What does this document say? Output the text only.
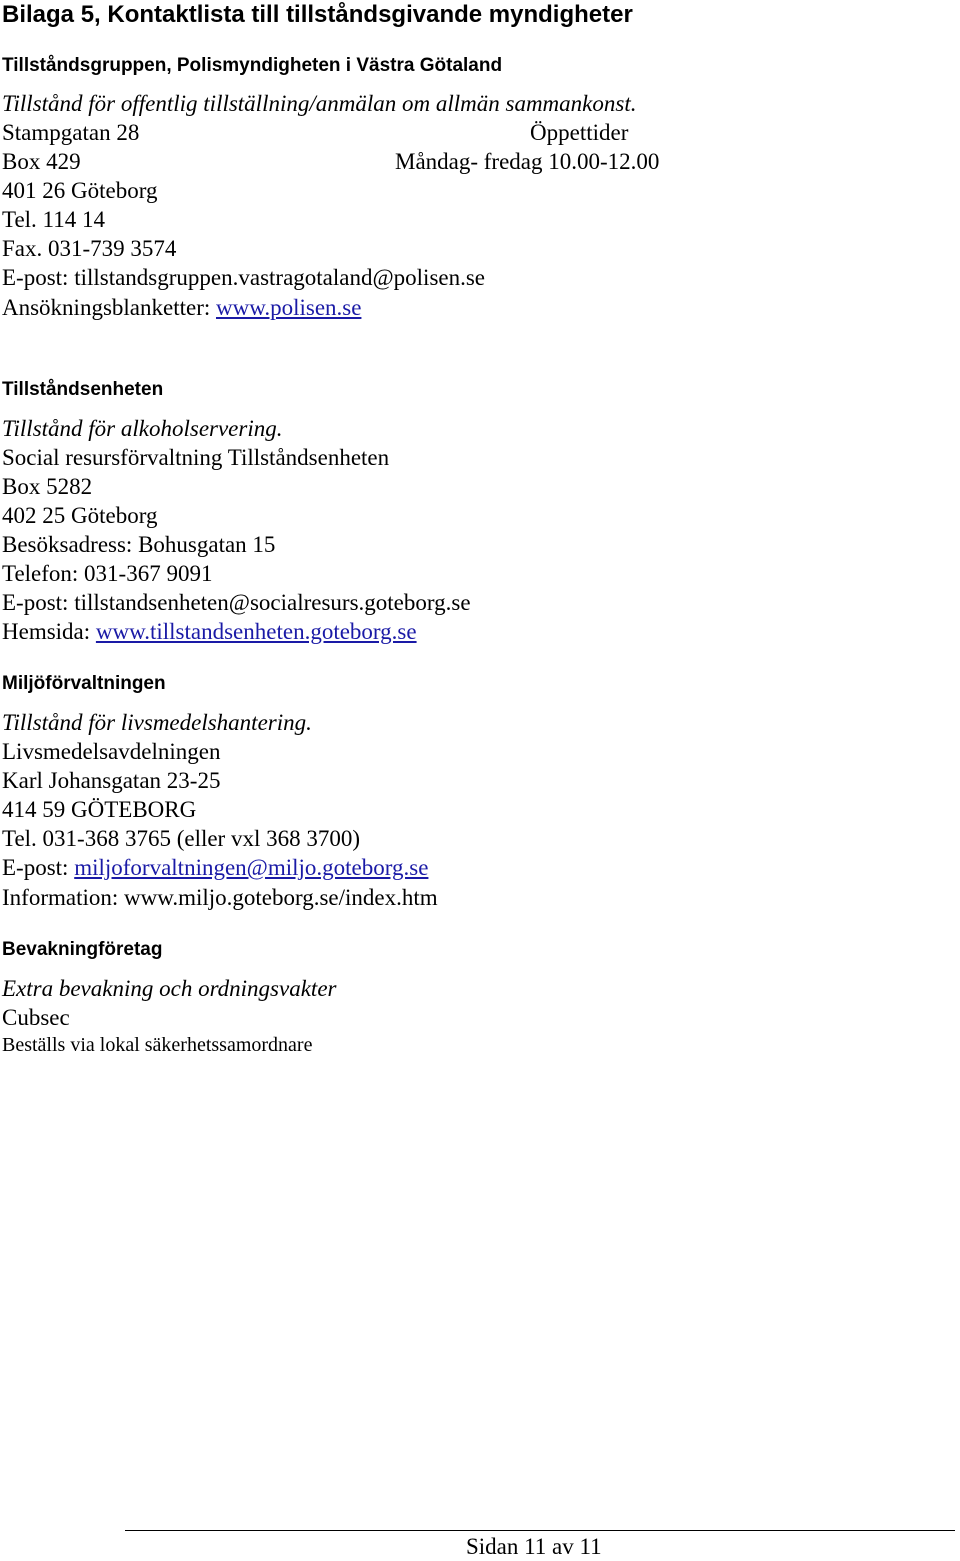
Bilaga 5, Kontaktlista till tillståndsgivande myndigheter
Tillståndsgruppen, Polismyndigheten i Västra Götaland
Tillstånd för offentlig tillställning/anmälan om allmän sammankonst.
Stampgatan 28	Öppettider
Box 429	Måndag- fredag 10.00-12.00
401 26 Göteborg
Tel. 114 14
Fax. 031-739 3574
E-post: tillstandsgruppen.vastragotaland@polisen.se
Ansökningsblanketter: www.polisen.se
Tillståndsenheten
Tillstånd för alkoholservering.
Social resursförvaltning Tillståndsenheten
Box 5282
402 25 Göteborg
Besöksadress: Bohusgatan 15
Telefon: 031-367 9091
E-post: tillstandsenheten@socialresurs.goteborg.se
Hemsida: www.tillstandsenheten.goteborg.se
Miljöförvaltningen
Tillstånd för livsmedelshantering.
Livsmedelsavdelningen
Karl Johansgatan 23-25
414 59 GÖTEBORG
Tel. 031-368 3765 (eller vxl 368 3700)
E-post: miljoforvaltningen@miljo.goteborg.se
Information: www.miljo.goteborg.se/index.htm
Bevakningföretag
Extra bevakning och ordningsvakter
Cubsec
Beställs via lokal säkerhetssamordnare
Sidan 11 av 11
